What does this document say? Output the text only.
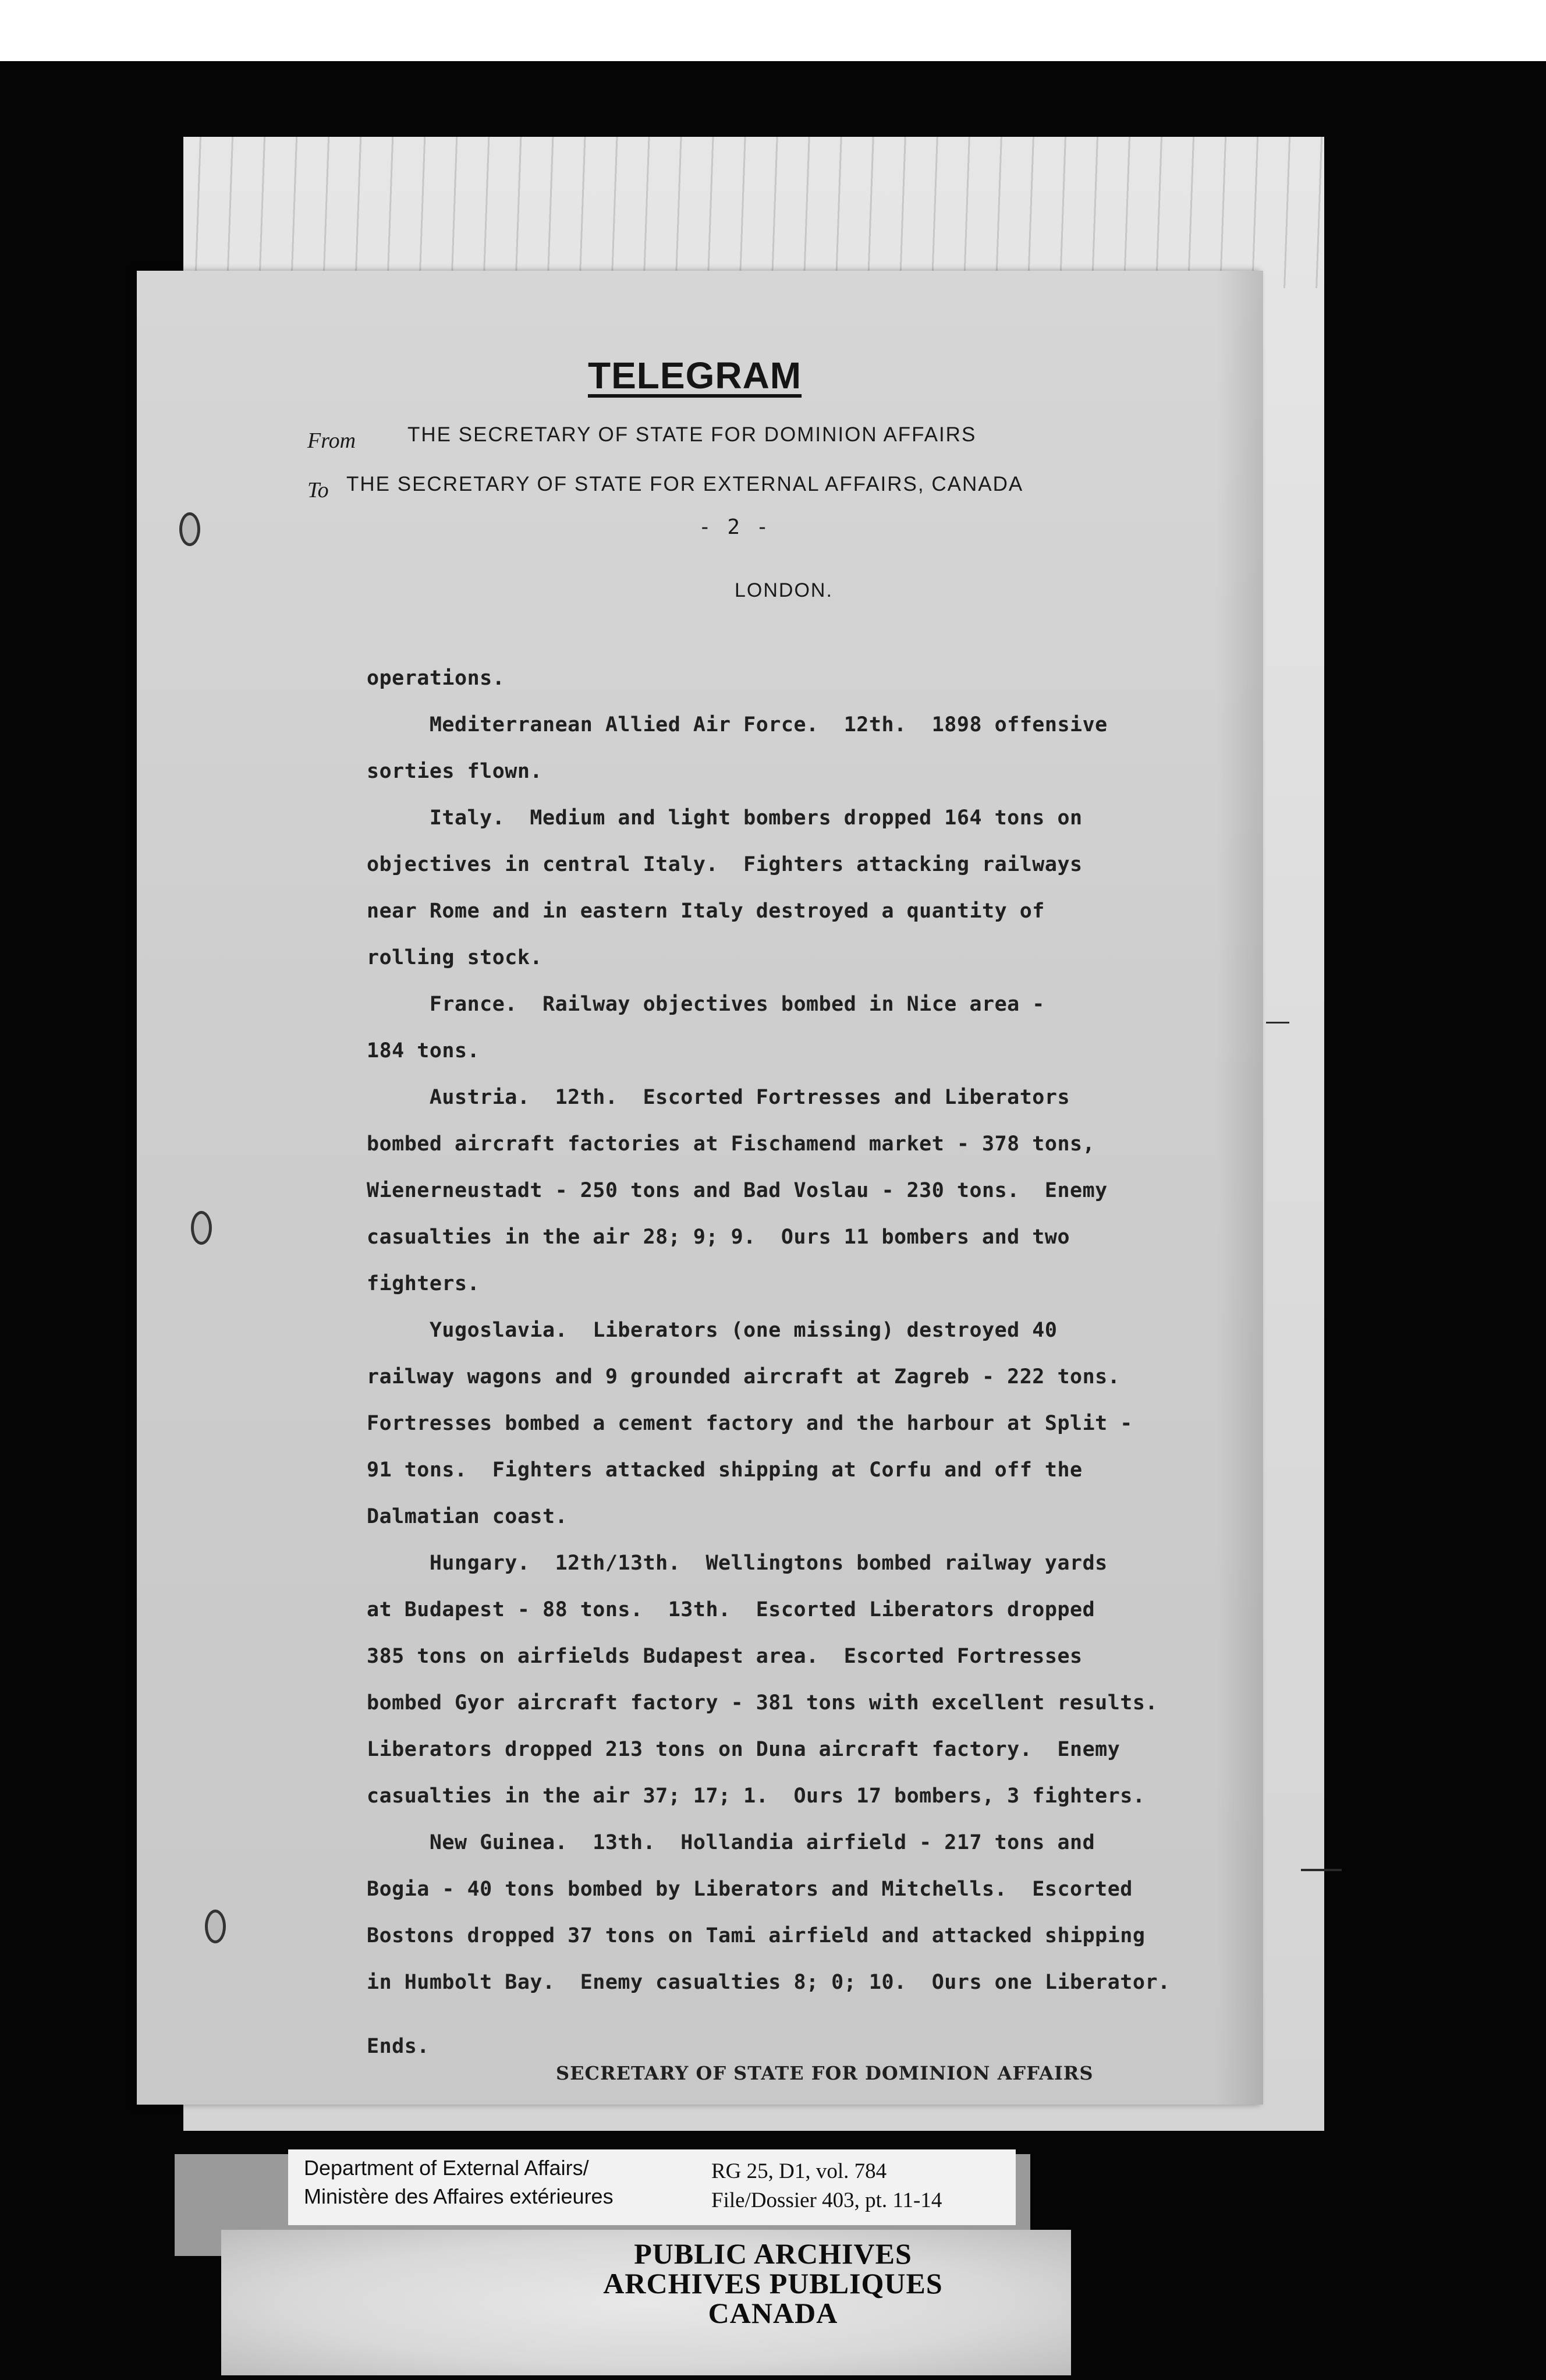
TELEGRAM
From	THE SECRETARY OF STATE FOR DOMINION AFFAIRS
To THE SECRETARY OF STATE FOR EXTERNAL AFFAIRS, CANADA
- 2 -
LONDON.
operations.
Mediterranean Allied Air Force.  12th.  1898 offensive
sorties flown.
Italy.  Medium and light bombers dropped 164 tons on
objectives in central Italy.  Fighters attacking railways
near Rome and in eastern Italy destroyed a quantity of
rolling stock.
France.  Railway objectives bombed in Nice area -
184 tons.
Austria.  12th.  Escorted Fortresses and Liberators
bombed aircraft factories at Fischamend market - 378 tons,
Wienerneustadt - 250 tons and Bad Voslau - 230 tons.  Enemy
casualties in the air 28; 9; 9.  Ours 11 bombers and two
fighters.
Yugoslavia.  Liberators (one missing) destroyed 40
railway wagons and 9 grounded aircraft at Zagreb - 222 tons.
Fortresses bombed a cement factory and the harbour at Split -
91 tons.  Fighters attacked shipping at Corfu and off the
Dalmatian coast.
Hungary.  12th/13th.  Wellingtons bombed railway yards
at Budapest - 88 tons.  13th.  Escorted Liberators dropped
385 tons on airfields Budapest area.  Escorted Fortresses
bombed Gyor aircraft factory - 381 tons with excellent results.
Liberators dropped 213 tons on Duna aircraft factory.  Enemy
casualties in the air 37; 17; 1.  Ours 17 bombers, 3 fighters.
New Guinea.  13th.  Hollandia airfield - 217 tons and
Bogia - 40 tons bombed by Liberators and Mitchells.  Escorted
Bostons dropped 37 tons on Tami airfield and attacked shipping
in Humbolt Bay.  Enemy casualties 8; 0; 10.  Ours one Liberator.
Ends.
SECRETARY OF STATE FOR DOMINION AFFAIRS
Department of External Affairs/
Ministère des Affaires extérieures
RG 25, D1, vol. 784
File/Dossier 403, pt. 11-14
PUBLIC ARCHIVES
ARCHIVES PUBLIQUES
CANADA
